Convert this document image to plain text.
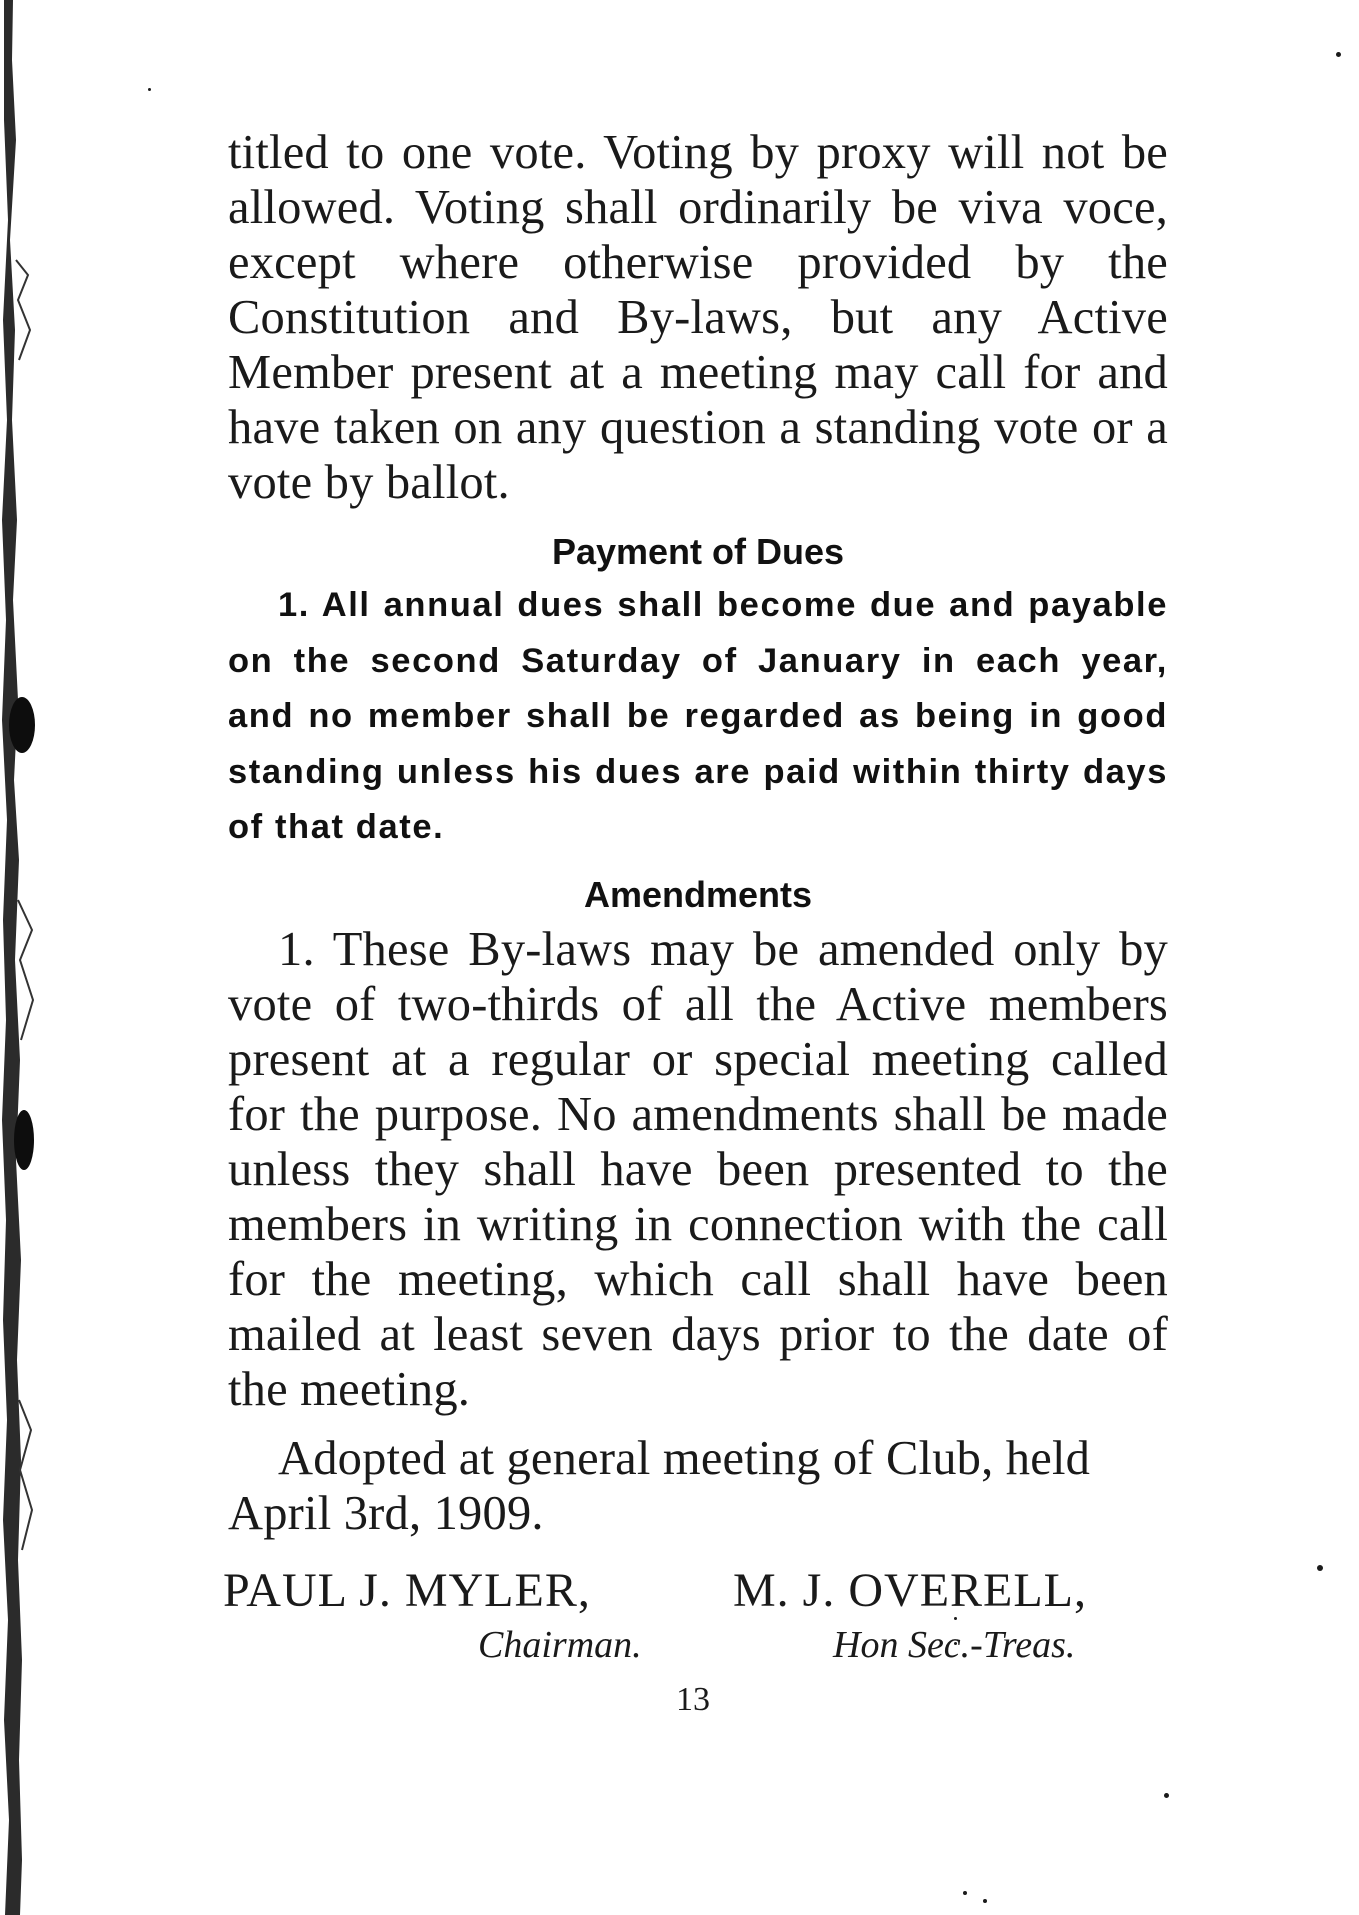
titled to one vote. Voting by proxy will not be allowed. Voting shall ordinarily be viva voce, except where otherwise provided by the Constitution and By-laws, but any Active Member present at a meeting may call for and have taken on any question a standing vote or a vote by ballot.

Payment of Dues

1. All annual dues shall become due and payable on the second Saturday of January in each year, and no member shall be regarded as being in good standing unless his dues are paid within thirty days of that date.

Amendments

1. These By-laws may be amended only by vote of two-thirds of all the Active members present at a regular or special meeting called for the purpose. No amendments shall be made unless they shall have been presented to the members in writing in connection with the call for the meeting, which call shall have been mailed at least seven days prior to the date of the meeting.

Adopted at general meeting of Club, held April 3rd, 1909.

PAUL J. MYLER,	M. J. OVERELL,
Chairman.	Hon Sec.-Treas.
13
